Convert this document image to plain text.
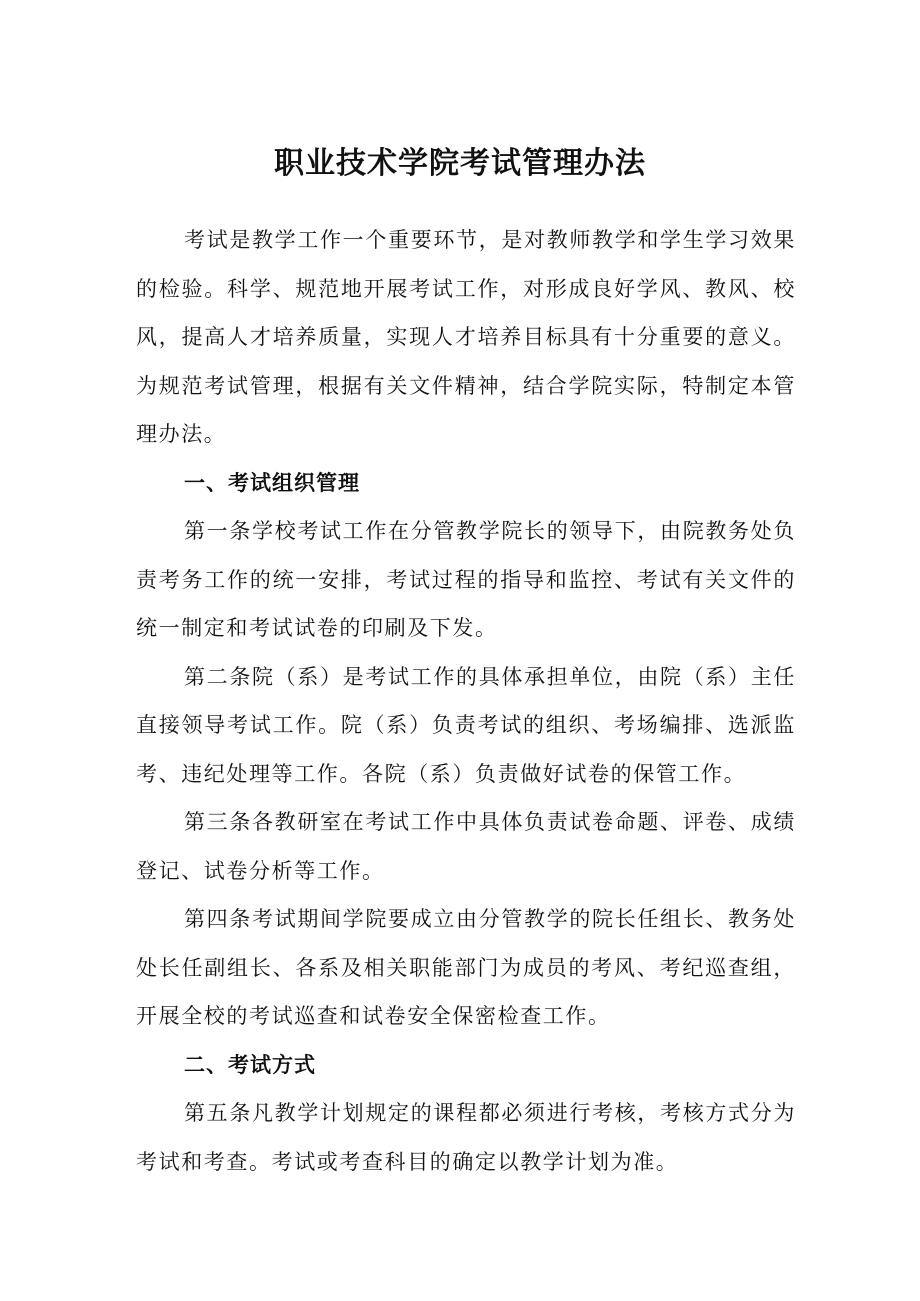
职业技术学院考试管理办法

考试是教学工作一个重要环节，是对教师教学和学生学习效果的检验。科学、规范地开展考试工作，对形成良好学风、教风、校风，提高人才培养质量，实现人才培养目标具有十分重要的意义。为规范考试管理，根据有关文件精神，结合学院实际，特制定本管理办法。

一、考试组织管理

第一条学校考试工作在分管教学院长的领导下，由院教务处负责考务工作的统一安排，考试过程的指导和监控、考试有关文件的统一制定和考试试卷的印刷及下发。

第二条院（系）是考试工作的具体承担单位，由院（系）主任直接领导考试工作。院（系）负责考试的组织、考场编排、选派监考、违纪处理等工作。各院（系）负责做好试卷的保管工作。

第三条各教研室在考试工作中具体负责试卷命题、评卷、成绩登记、试卷分析等工作。

第四条考试期间学院要成立由分管教学的院长任组长、教务处处长任副组长、各系及相关职能部门为成员的考风、考纪巡查组，开展全校的考试巡查和试卷安全保密检查工作。

二、考试方式

第五条凡教学计划规定的课程都必须进行考核，考核方式分为考试和考查。考试或考查科目的确定以教学计划为准。
